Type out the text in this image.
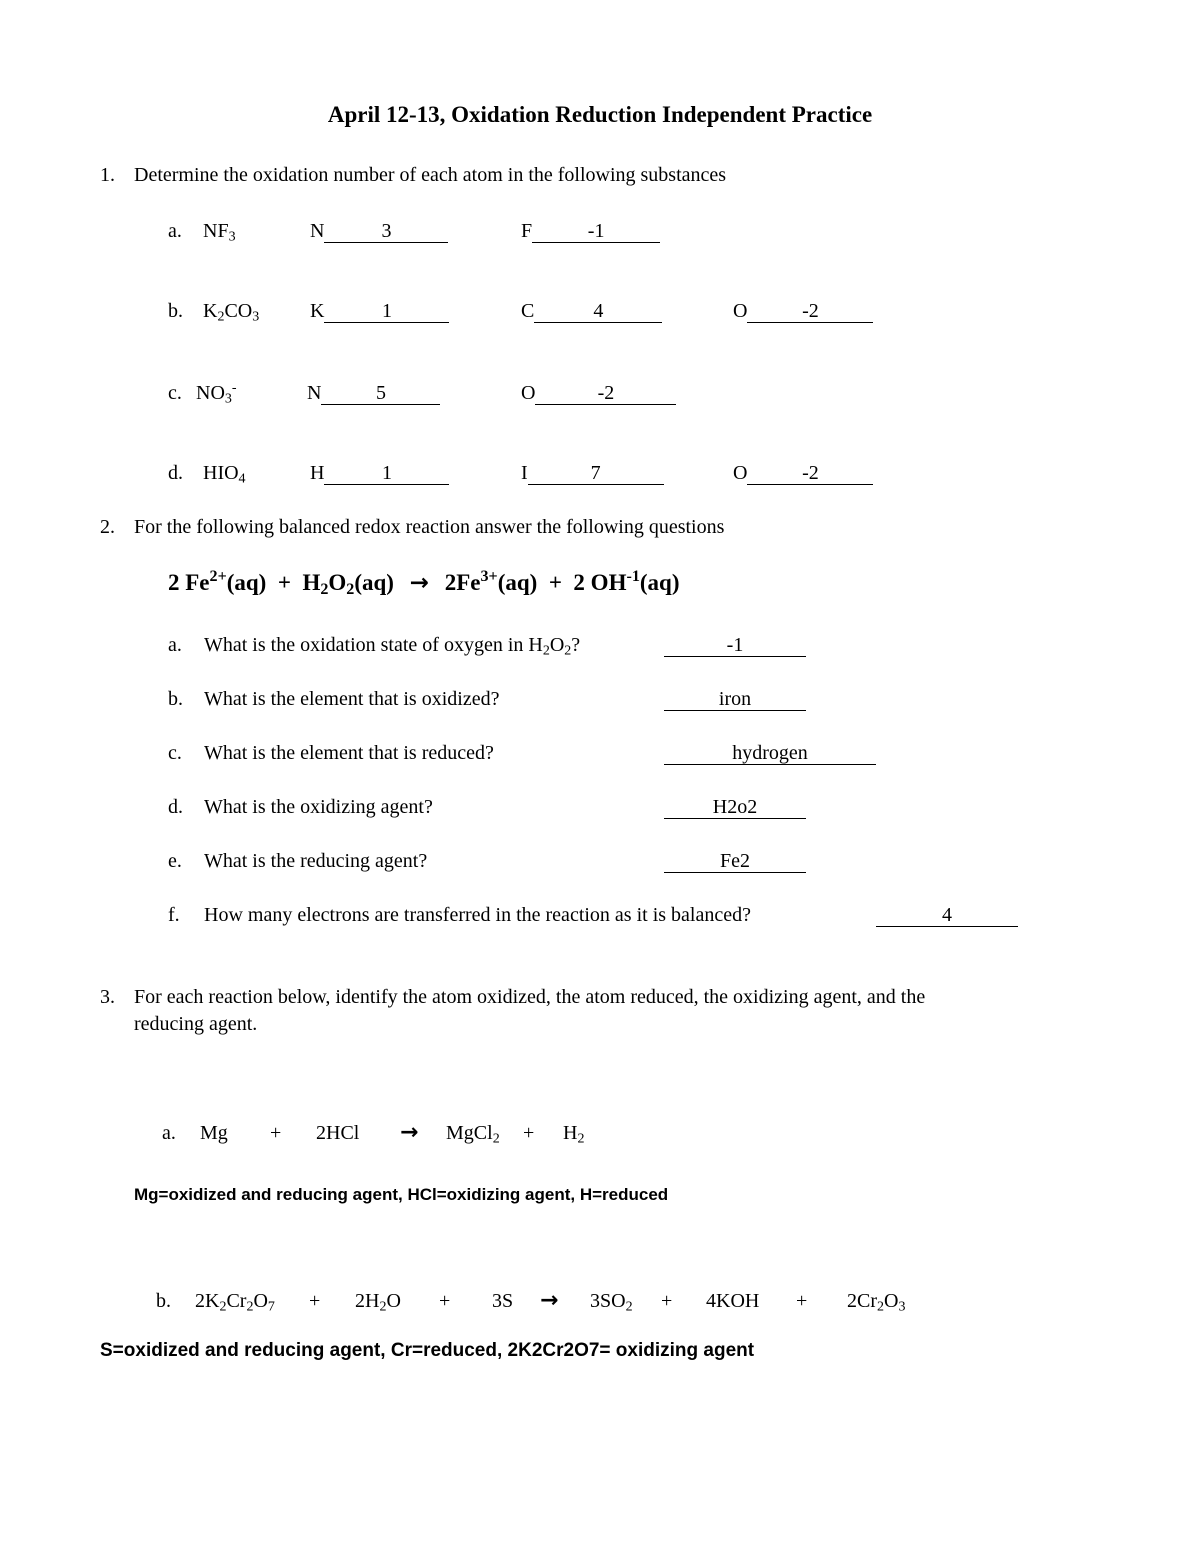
April 12-13, Oxidation Reduction Independent Practice
1. Determine the oxidation number of each atom in the following substances
a. $NF_3$	N	3	F	-1
b. $K_2CO_3$	K	1	C	4	O	-2
c. $NO_3^-$	N	5	O	-2
d. $HIO_4$	H	1	I	7	O	-2
2. For the following balanced redox reaction answer the following questions
2 $Fe^{2+}(aq) + H_2O_2(aq) \to 2Fe^{3+}(aq) + 2$ $OH^{-1}(aq)$
a. What is the oxidation state of oxygen in $H_2O_2$?	-1
b. What is the element that is oxidized?	iron
c. What is the element that is reduced?	hydrogen
d. What is the oxidizing agent?	H2o2
e. What is the reducing agent?	Fe2
f. How many electrons are transferred in the reaction as it is balanced?	4
3. For each reaction below, identify the atom oxidized, the atom reduced, the oxidizing agent, and the
reducing agent.
a. Mg + 2HCl → MgCl$_2$ + $H_2$
Mg=oxidized and reducing agent, HCl=oxidizing agent, H=reduced
b. $2K_2Cr_2O_7 + 2H_2O + 3S \to 3SO_2 + 4KOH + 2Cr_2O_3$
S=oxidized and reducing agent, Cr=reduced, 2K2Cr2O7= oxidizing agent
